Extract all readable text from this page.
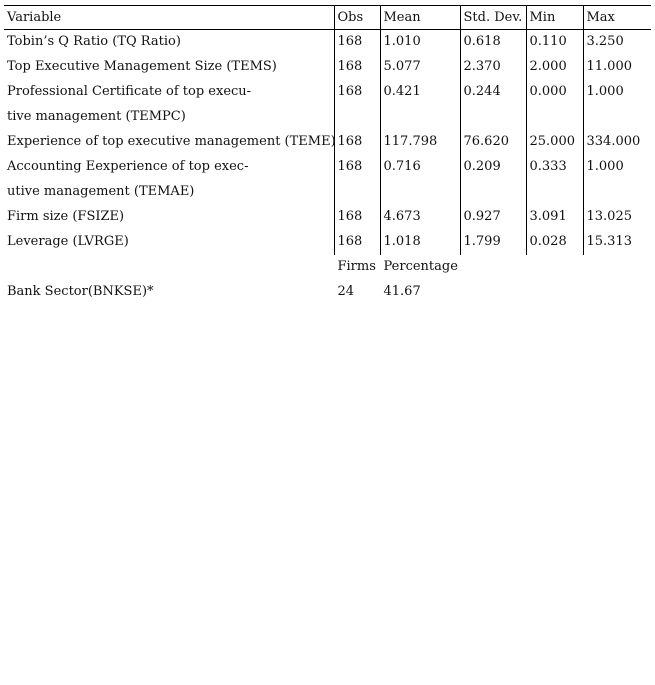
Variable	Obs	Mean	Std. Dev.	Min	Max

Tobin’s Q Ratio (TQ Ratio)	168	1.010	0.618	0.110	3.250

Top Executive Management Size (TEMS)	168	5.077	2.370	2.000	11.000

Professional Certificate of top execu-
tive management (TEMPC)	168	0.421	0.244	0.000	1.000

Experience of top executive management (TEME)	168	117.798	76.620	25.000	334.000

Accounting Eexperience of top exec-
utive management (TEMAE)	168	0.716	0.209	0.333	1.000

Firm size (FSIZE)	168	4.673	0.927	3.091	13.025

Leverage (LVRGE)	168	1.018	1.799	0.028	15.313
	Firms	Percentage			
Bank Sector(BNKSE)*	24	41.67			
